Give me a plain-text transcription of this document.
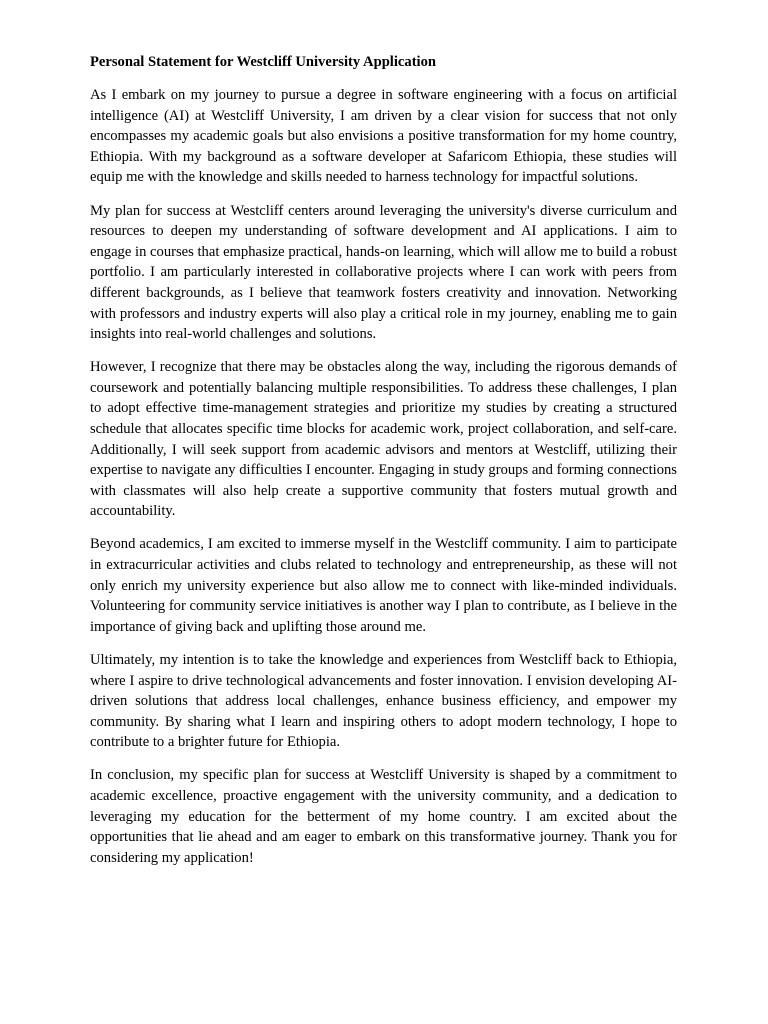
Personal Statement for Westcliff University Application

As I embark on my journey to pursue a degree in software engineering with a focus on artificial intelligence (AI) at Westcliff University, I am driven by a clear vision for success that not only encompasses my academic goals but also envisions a positive transformation for my home country, Ethiopia. With my background as a software developer at Safaricom Ethiopia, these studies will equip me with the knowledge and skills needed to harness technology for impactful solutions.

My plan for success at Westcliff centers around leveraging the university's diverse curriculum and resources to deepen my understanding of software development and AI applications. I aim to engage in courses that emphasize practical, hands-on learning, which will allow me to build a robust portfolio. I am particularly interested in collaborative projects where I can work with peers from different backgrounds, as I believe that teamwork fosters creativity and innovation. Networking with professors and industry experts will also play a critical role in my journey, enabling me to gain insights into real-world challenges and solutions.

However, I recognize that there may be obstacles along the way, including the rigorous demands of coursework and potentially balancing multiple responsibilities. To address these challenges, I plan to adopt effective time-management strategies and prioritize my studies by creating a structured schedule that allocates specific time blocks for academic work, project collaboration, and self-care. Additionally, I will seek support from academic advisors and mentors at Westcliff, utilizing their expertise to navigate any difficulties I encounter. Engaging in study groups and forming connections with classmates will also help create a supportive community that fosters mutual growth and accountability.

Beyond academics, I am excited to immerse myself in the Westcliff community. I aim to participate in extracurricular activities and clubs related to technology and entrepreneurship, as these will not only enrich my university experience but also allow me to connect with like-minded individuals. Volunteering for community service initiatives is another way I plan to contribute, as I believe in the importance of giving back and uplifting those around me.

Ultimately, my intention is to take the knowledge and experiences from Westcliff back to Ethiopia, where I aspire to drive technological advancements and foster innovation. I envision developing AI-driven solutions that address local challenges, enhance business efficiency, and empower my community. By sharing what I learn and inspiring others to adopt modern technology, I hope to contribute to a brighter future for Ethiopia.

In conclusion, my specific plan for success at Westcliff University is shaped by a commitment to academic excellence, proactive engagement with the university community, and a dedication to leveraging my education for the betterment of my home country. I am excited about the opportunities that lie ahead and am eager to embark on this transformative journey. Thank you for considering my application!
